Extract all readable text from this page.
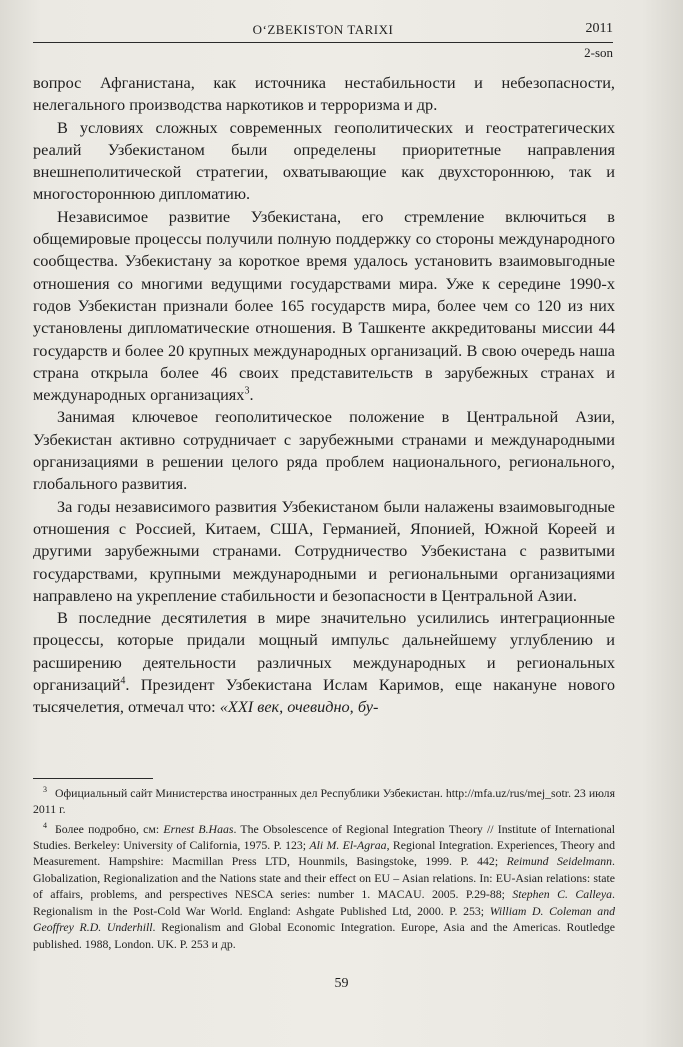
O‘ZBEKISTON TARIXI	2011
2-son

вопрос Афганистана, как источника нестабильности и небезопасности, нелегального производства наркотиков и терроризма и др.

В условиях сложных современных геополитических и геостратегических реалий Узбекистаном были определены приоритетные направления внешнеполитической стратегии, охватывающие как двухстороннюю, так и многостороннюю дипломатию.

Независимое развитие Узбекистана, его стремление включиться в общемировые процессы получили полную поддержку со стороны международного сообщества. Узбекистану за короткое время удалось установить взаимовыгодные отношения со многими ведущими государствами мира. Уже к середине 1990-х годов Узбекистан признали более 165 государств мира, более чем со 120 из них установлены дипломатические отношения. В Ташкенте аккредитованы миссии 44 государств и более 20 крупных международных организаций. В свою очередь наша страна открыла более 46 своих представительств в зарубежных странах и международных организациях$^3$.

Занимая ключевое геополитическое положение в Центральной Азии, Узбекистан активно сотрудничает с зарубежными странами и международными организациями в решении целого ряда проблем национального, регионального, глобального развития.

За годы независимого развития Узбекистаном были налажены взаимовыгодные отношения с Россией, Китаем, США, Германией, Японией, Южной Кореей и другими зарубежными странами. Сотрудничество Узбекистана с развитыми государствами, крупными международными и региональными организациями направлено на укрепление стабильности и безопасности в Центральной Азии.

В последние десятилетия в мире значительно усилились интеграционные процессы, которые придали мощный импульс дальнейшему углублению и расширению деятельности различных международных и региональных организаций$^4$. Президент Узбекистана Ислам Каримов, еще накануне нового тысячелетия, отмечал что: «XXI век, очевидно, бу-

$^3$ Официальный сайт Министерства иностранных дел Республики Узбекистан. http://mfa.uz/rus/mej_sotr. 23 июля 2011 г.

$^4$ Более подробно, см: Ernest B.Haas. The Obsolescence of Regional Integration Theory // Institute of International Studies. Berkeley: University of California, 1975. P. 123; Ali M. El-Agraa, Regional Integration. Experiences, Theory and Measurement. Hampshire: Macmillan Press LTD, Hounmils, Basingstoke, 1999. P. 442; Reimund Seidelmann. Globalization, Regionalization and the Nations state and their effect on EU – Asian relations. In: EU-Asian relations: state of affairs, problems, and perspectives NESCA series: number 1. MACAU. 2005. P.29-88; Stephen C. Calleya. Regionalism in the Post-Cold War World. England: Ashgate Published Ltd, 2000. P. 253; William D. Coleman and Geoffrey R.D. Underhill. Regionalism and Global Economic Integration. Europe, Asia and the Americas. Routledge published. 1988, London. UK. P. 253 и др.

59
